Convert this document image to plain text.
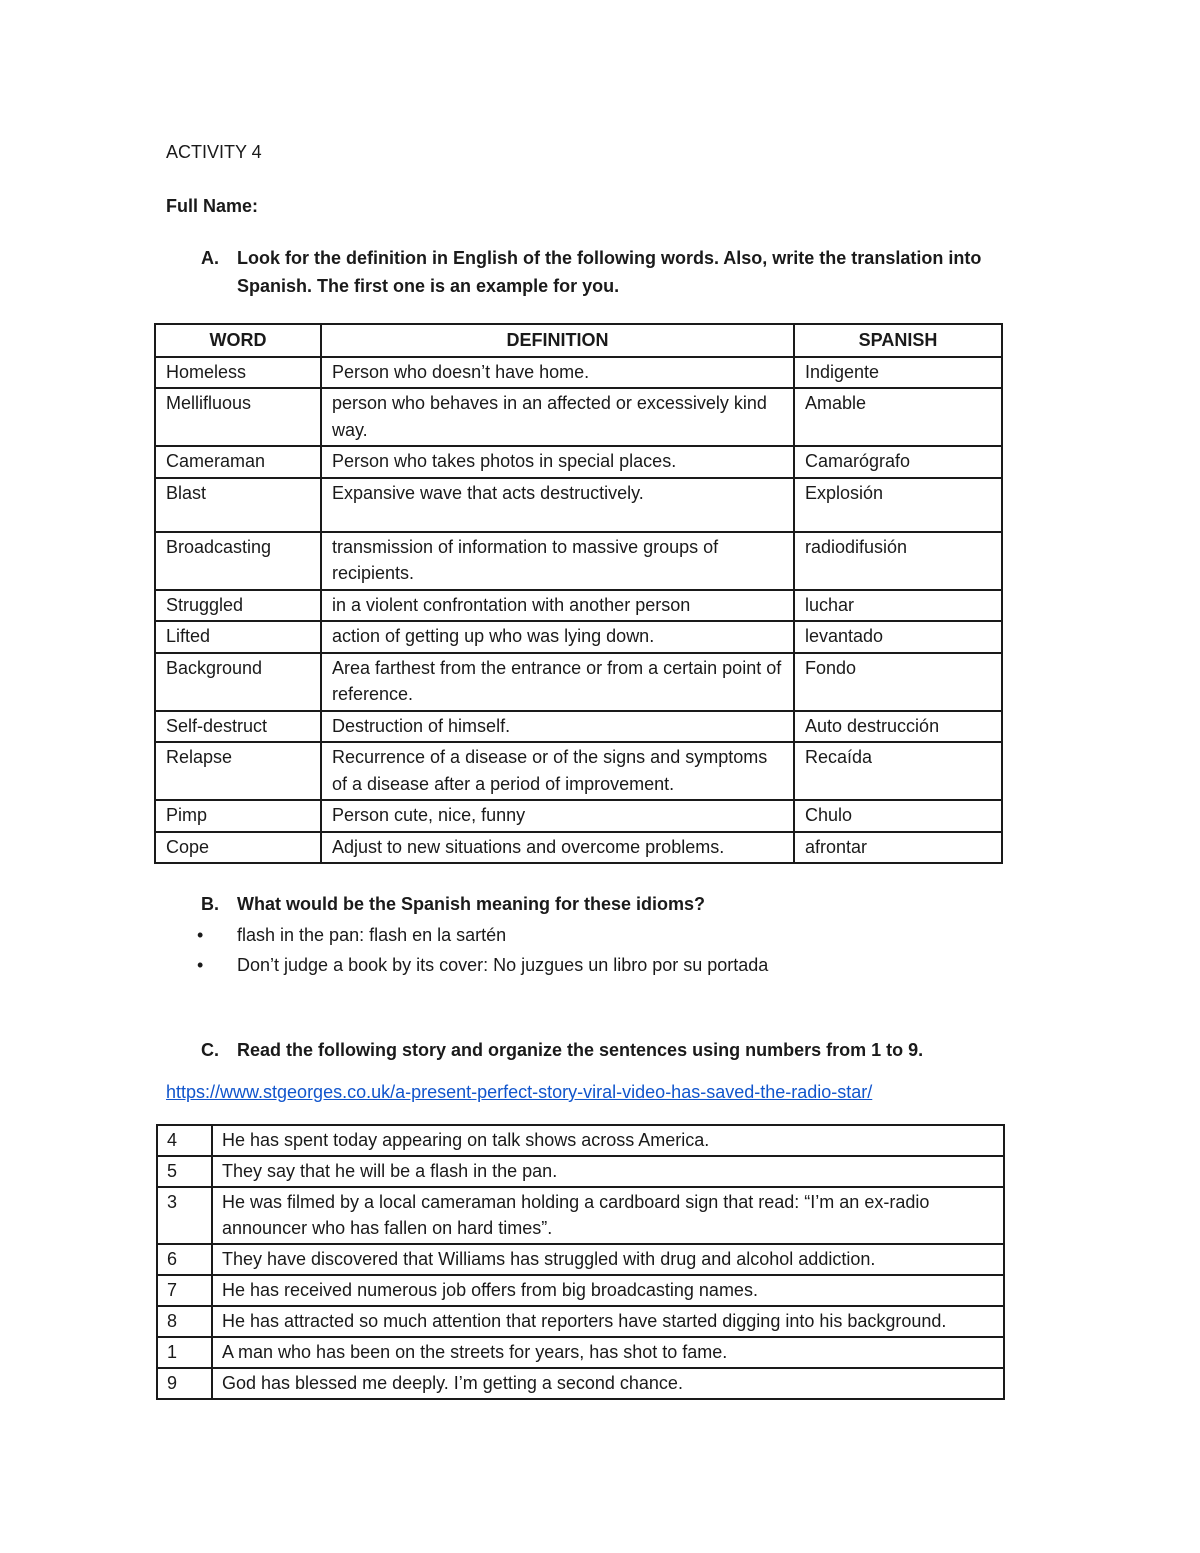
ACTIVITY 4
Full Name:
A. Look for the definition in English of the following words. Also, write the translation into Spanish. The first one is an example for you.
WORD	DEFINITION	SPANISH
Homeless	Person who doesn’t have home.	Indigente
Mellifluous	person who behaves in an affected or excessively kind way.	Amable
Cameraman	Person who takes photos in special places.	Camarógrafo
Blast	Expansive wave that acts destructively.	Explosión
Broadcasting	transmission of information to massive groups of recipients.	radiodifusión
Struggled	in a violent confrontation with another person	luchar
Lifted	action of getting up who was lying down.	levantado
Background	Area farthest from the entrance or from a certain point of reference.	Fondo
Self-destruct	Destruction of himself.	Auto destrucción
Relapse	Recurrence of a disease or of the signs and symptoms of a disease after a period of improvement.	Recaída
Pimp	Person cute, nice, funny	Chulo
Cope	Adjust to new situations and overcome problems.	afrontar
B. What would be the Spanish meaning for these idioms?
• flash in the pan: flash en la sartén
• Don’t judge a book by its cover: No juzgues un libro por su portada
C. Read the following story and organize the sentences using numbers from 1 to 9.
https://www.stgeorges.co.uk/a-present-perfect-story-viral-video-has-saved-the-radio-star/
4	He has spent today appearing on talk shows across America.
5	They say that he will be a flash in the pan.
3	He was filmed by a local cameraman holding a cardboard sign that read: “I’m an ex-radio announcer who has fallen on hard times”.
6	They have discovered that Williams has struggled with drug and alcohol addiction.
7	He has received numerous job offers from big broadcasting names.
8	He has attracted so much attention that reporters have started digging into his background.
1	A man who has been on the streets for years, has shot to fame.
9	God has blessed me deeply. I’m getting a second chance.
